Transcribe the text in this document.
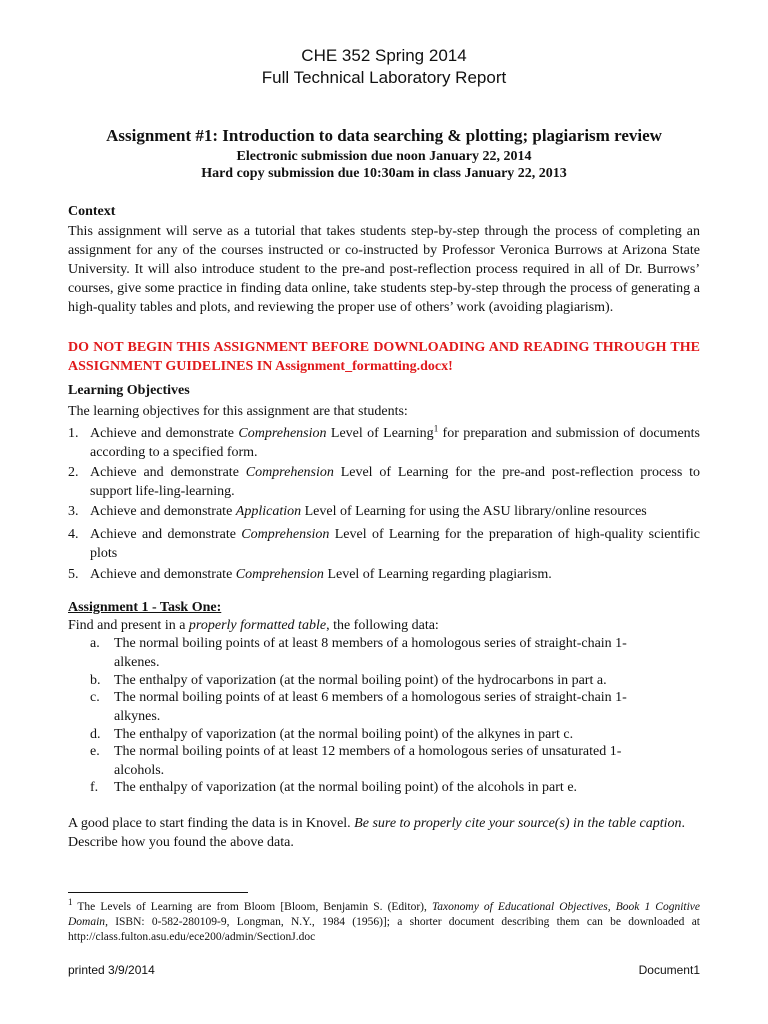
CHE 352 Spring 2014
Full Technical Laboratory Report
Assignment #1: Introduction to data searching & plotting; plagiarism review
Electronic submission due noon January 22, 2014
Hard copy submission due 10:30am in class January 22, 2013
Context
This assignment will serve as a tutorial that takes students step-by-step through the process of completing an assignment for any of the courses instructed or co-instructed by Professor Veronica Burrows at Arizona State University. It will also introduce student to the pre-and post-reflection process required in all of Dr. Burrows’ courses, give some practice in finding data online, take students step-by-step through the process of generating a high-quality tables and plots, and reviewing the proper use of others’ work (avoiding plagiarism).
DO NOT BEGIN THIS ASSIGNMENT BEFORE DOWNLOADING AND READING THROUGH THE ASSIGNMENT GUIDELINES IN Assignment_formatting.docx!
Learning Objectives
The learning objectives for this assignment are that students:
1. Achieve and demonstrate Comprehension Level of Learning$^1$ for preparation and submission of documents according to a specified form.
2. Achieve and demonstrate Comprehension Level of Learning for the pre-and post-reflection process to support life-ling-learning.
3. Achieve and demonstrate Application Level of Learning for using the ASU library/online resources
4. Achieve and demonstrate Comprehension Level of Learning for the preparation of high-quality scientific plots
5. Achieve and demonstrate Comprehension Level of Learning regarding plagiarism.
Assignment 1 - Task One:
Find and present in a properly formatted table, the following data:
a.	The normal boiling points of at least 8 members of a homologous series of straight-chain 1-alkenes.
b. The enthalpy of vaporization (at the normal boiling point) of the hydrocarbons in part a.
c.	The normal boiling points of at least 6 members of a homologous series of straight-chain 1-alkynes.
d. The enthalpy of vaporization (at the normal boiling point) of the alkynes in part c.
e.	The normal boiling points of at least 12 members of a homologous series of unsaturated 1-alcohols.
f.	The enthalpy of vaporization (at the normal boiling point) of the alcohols in part e.
A good place to start finding the data is in Knovel. Be sure to properly cite your source(s) in the table caption. Describe how you found the above data.
$^1$ The Levels of Learning are from Bloom [Bloom, Benjamin S. (Editor), Taxonomy of Educational Objectives, Book 1 Cognitive Domain, ISBN: 0-582-280109-9, Longman, N.Y., 1984 (1956)]; a shorter document describing them can be downloaded at http://class.fulton.asu.edu/ece200/admin/SectionJ.doc
printed 3/9/2014	Document1
